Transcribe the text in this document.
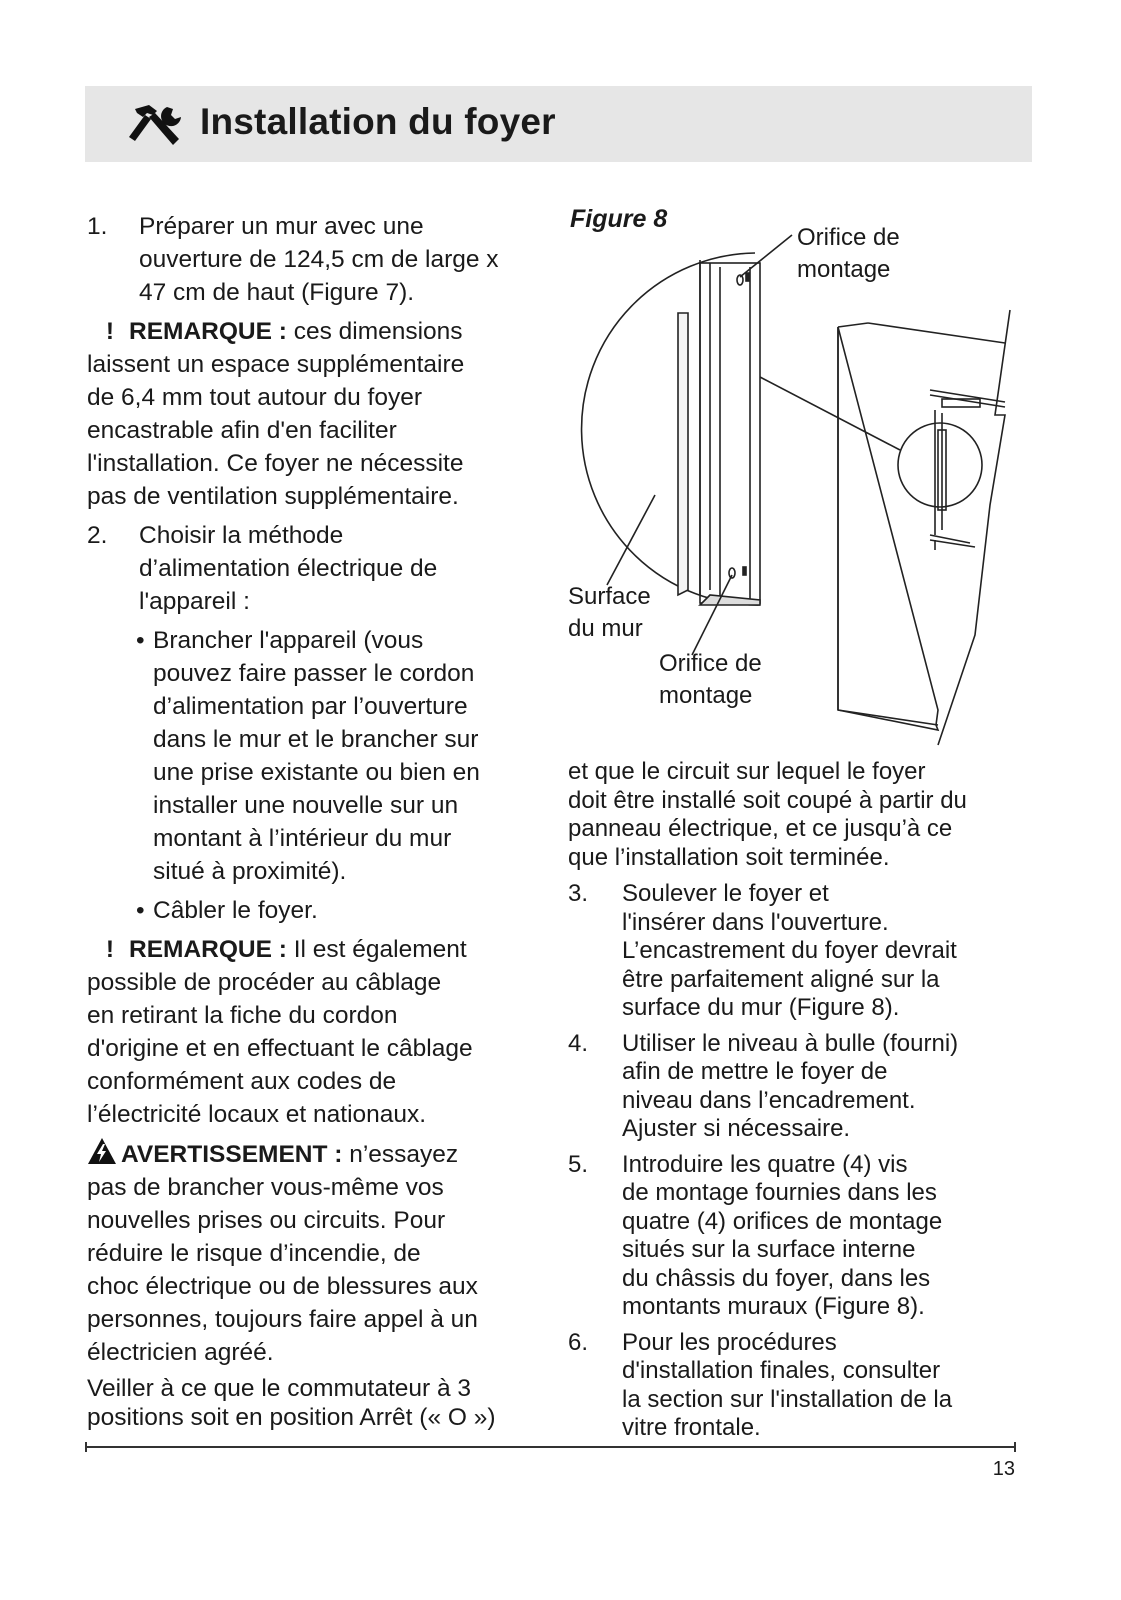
Installation du foyer
1. Préparer un mur avec une
ouverture de 124,5 cm de large x
47 cm de haut (Figure 7).
! REMARQUE : ces dimensions
laissent un espace supplémentaire
de 6,4 mm tout autour du foyer
encastrable afin d'en faciliter
l'installation. Ce foyer ne nécessite
pas de ventilation supplémentaire.
2. Choisir la méthode
d’alimentation électrique de
l'appareil :
• Brancher l'appareil (vous
pouvez faire passer le cordon
d’alimentation par l’ouverture
dans le mur et le brancher sur
une prise existante ou bien en
installer une nouvelle sur un
montant à l’intérieur du mur
situé à proximité).
• Câbler le foyer.
! REMARQUE : Il est également
possible de procéder au câblage
en retirant la fiche du cordon
d'origine et en effectuant le câblage
conformément aux codes de
l’électricité locaux et nationaux.
AVERTISSEMENT : n’essayez
pas de brancher vous-même vos
nouvelles prises ou circuits. Pour
réduire le risque d’incendie, de
choc électrique ou de blessures aux
personnes, toujours faire appel à un
électricien agréé.
Veiller à ce que le commutateur à 3
positions soit en position Arrêt (« O »)
Figure 8
Orifice de
montage
Surface
du mur
Orifice de
montage
et que le circuit sur lequel le foyer
doit être installé soit coupé à partir du
panneau électrique, et ce jusqu’à ce
que l’installation soit terminée.
3. Soulever le foyer et
l'insérer dans l'ouverture.
L’encastrement du foyer devrait
être parfaitement aligné sur la
surface du mur (Figure 8).
4. Utiliser le niveau à bulle (fourni)
afin de mettre le foyer de
niveau dans l’encadrement.
Ajuster si nécessaire.
5. Introduire les quatre (4) vis
de montage fournies dans les
quatre (4) orifices de montage
situés sur la surface interne
du châssis du foyer, dans les
montants muraux (Figure 8).
6. Pour les procédures
d'installation finales, consulter
la section sur l'installation de la
vitre frontale.
13
